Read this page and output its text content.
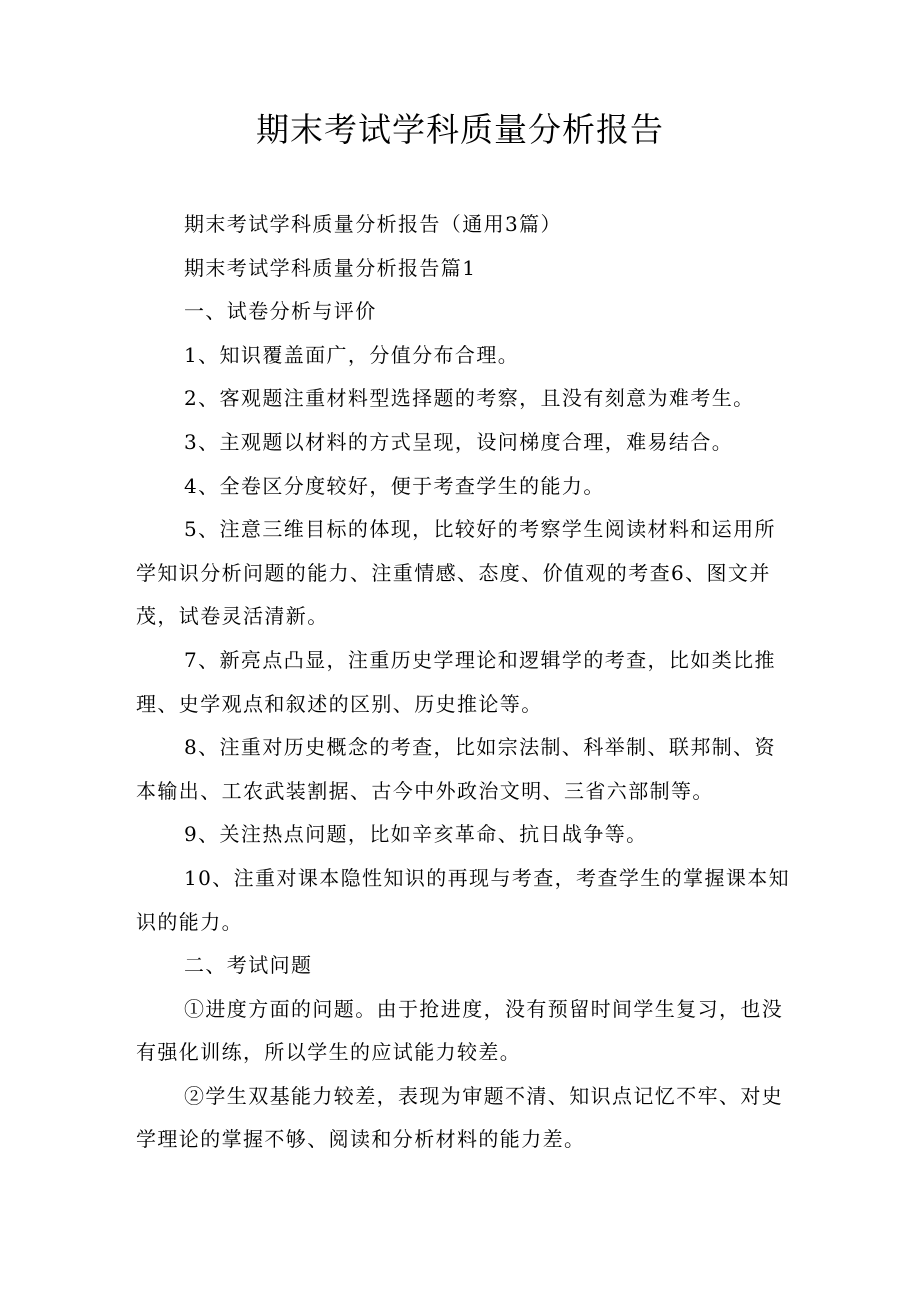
期末考试学科质量分析报告

期末考试学科质量分析报告（通用3篇）

期末考试学科质量分析报告篇1

一、试卷分析与评价

1、知识覆盖面广，分值分布合理。

2、客观题注重材料型选择题的考察，且没有刻意为难考生。

3、主观题以材料的方式呈现，设问梯度合理，难易结合。

4、全卷区分度较好，便于考查学生的能力。

5、注意三维目标的体现，比较好的考察学生阅读材料和运用所学知识分析问题的能力、注重情感、态度、价值观的考查6、图文并茂，试卷灵活清新。

7、新亮点凸显，注重历史学理论和逻辑学的考查，比如类比推理、史学观点和叙述的区别、历史推论等。

8、注重对历史概念的考查，比如宗法制、科举制、联邦制、资本输出、工农武装割据、古今中外政治文明、三省六部制等。

9、关注热点问题，比如辛亥革命、抗日战争等。

10、注重对课本隐性知识的再现与考查，考查学生的掌握课本知识的能力。

二、考试问题

①进度方面的问题。由于抢进度，没有预留时间学生复习，也没有强化训练，所以学生的应试能力较差。

②学生双基能力较差，表现为审题不清、知识点记忆不牢、对史学理论的掌握不够、阅读和分析材料的能力差。
